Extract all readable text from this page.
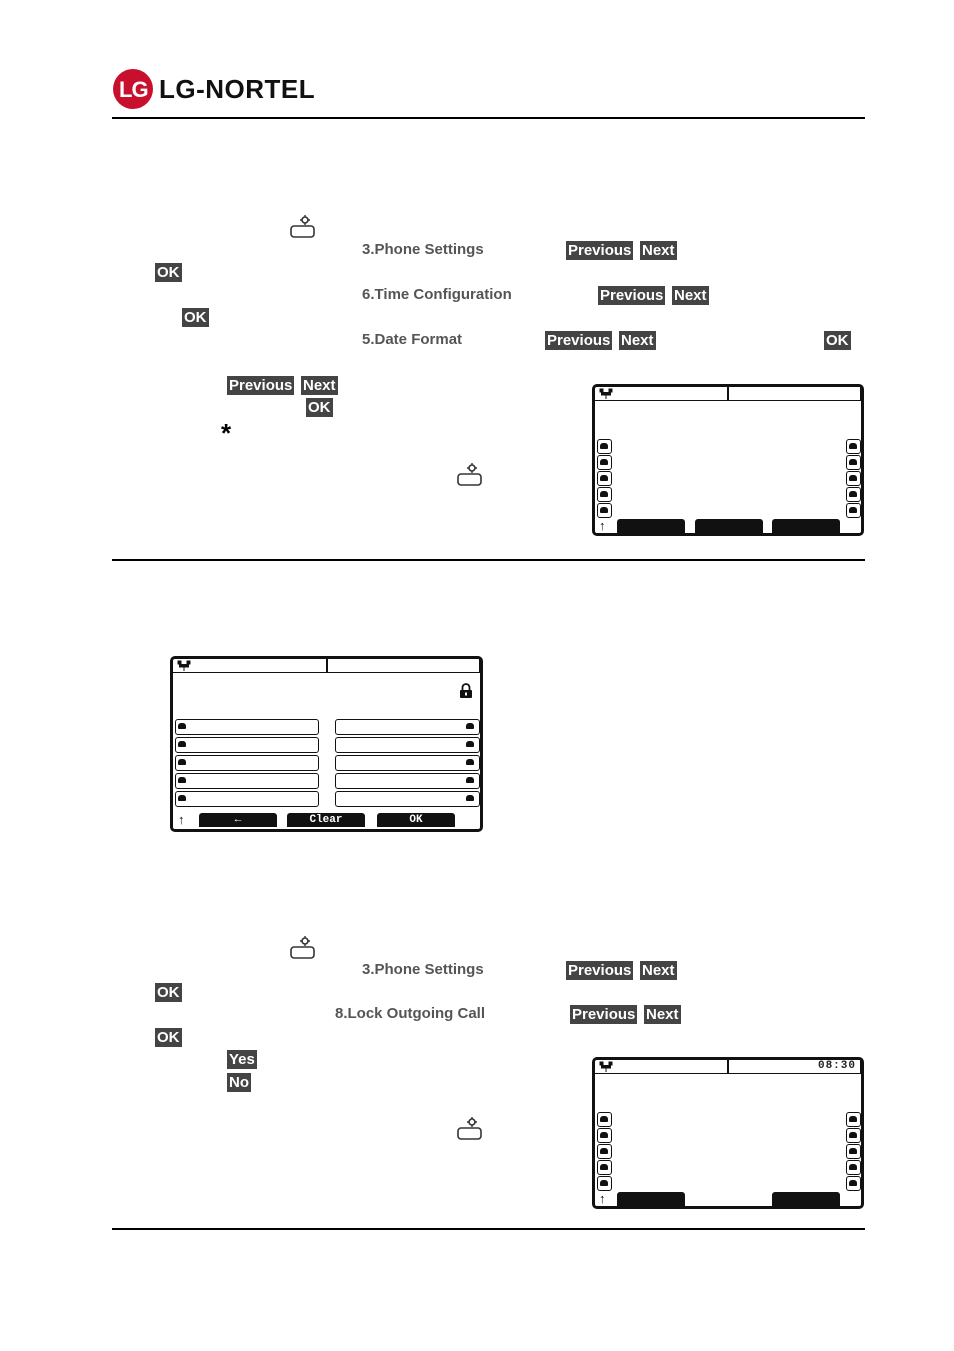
LG LG-NORTEL
3.Phone Settings	Previous Next
OK
6.Time Configuration	Previous Next
OK
5.Date Format	Previous Next	OK
Previous Next
OK
*
↑
↑	←	Clear	OK
3.Phone Settings	Previous Next
OK
8.Lock Outgoing Call	Previous Next
OK
Yes
No
08:30
↑
